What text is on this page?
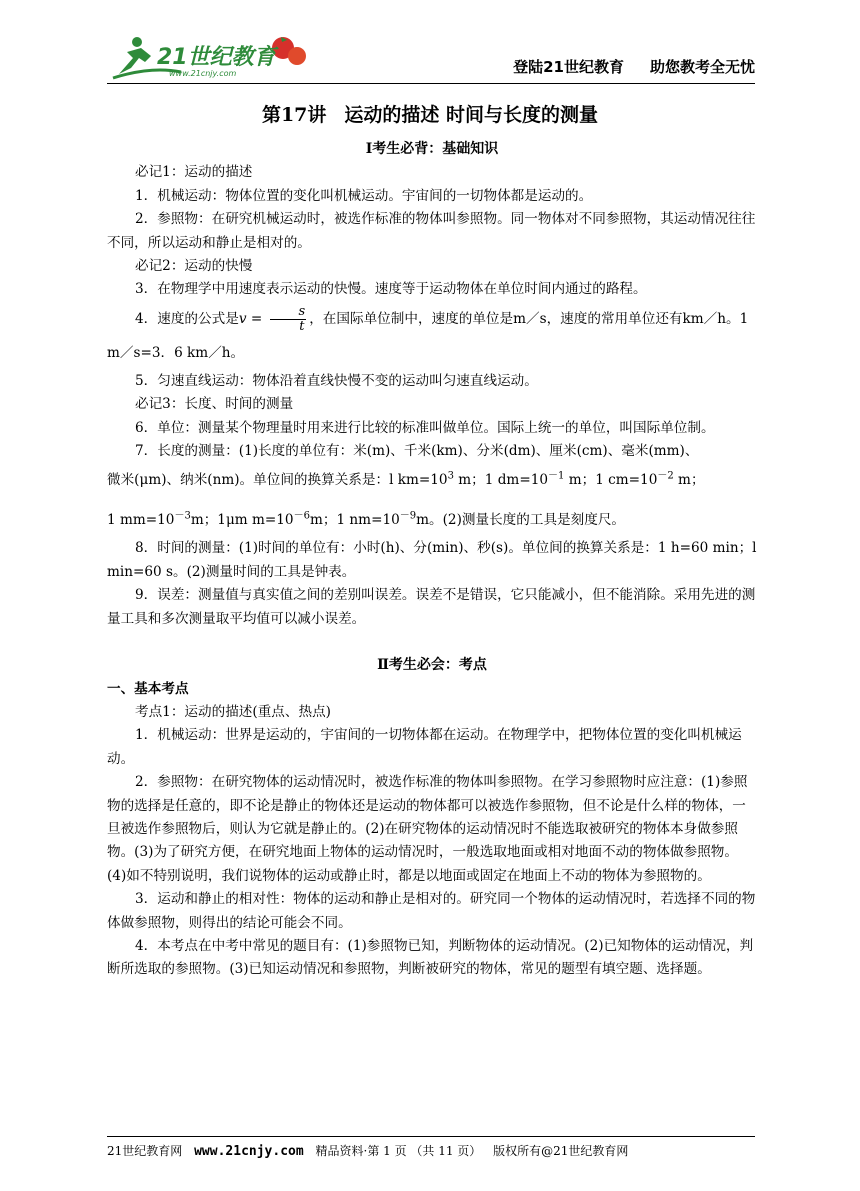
21世纪教育
www.21cnjy.com	登陆21世纪教育 助您教考全无忧
第17讲 运动的描述 时间与长度的测量

Ⅰ考生必背：基础知识

必记1：运动的描述

1．机械运动：物体位置的变化叫机械运动。宇宙间的一切物体都是运动的。

2．参照物：在研究机械运动时，被选作标准的物体叫参照物。同一物体对不同参照物，其运动情况往往不同，所以运动和静止是相对的。

必记2：运动的快慢

3．在物理学中用速度表示运动的快慢。速度等于运动物体在单位时间内通过的路程。

4．速度的公式是$v = \frac{s}{t}$ ，在国际单位制中，速度的单位是m／s，速度的常用单位还有km／h。1 m／s=3．6 km／h。

5．匀速直线运动：物体沿着直线快慢不变的运动叫匀速直线运动。

必记3：长度、时间的测量

6．单位：测量某个物理量时用来进行比较的标准叫做单位。国际上统一的单位，叫国际单位制。

7．长度的测量：(1)长度的单位有：米(m)、千米(km)、分米(dm)、厘米(cm)、毫米(mm)、

微米(μm)、纳米(nm)。单位间的换算关系是：l $km=10^3$ m；1 $dm=10^{-1}$ m；1 $cm=10^{-2}$ m；

1 $mm=10^{-3}m$；1μm $m=10^{-6}m$；1 $nm=10^{-9}m$。(2)测量长度的工具是刻度尺。

8．时间的测量：(1)时间的单位有：小时(h)、分(min)、秒(s)。单位间的换算关系是：1 h=60 min；l min=60 s。(2)测量时间的工具是钟表。

9．误差：测量值与真实值之间的差别叫误差。误差不是错误，它只能减小，但不能消除。采用先进的测量工具和多次测量取平均值可以减小误差。

Ⅱ考生必会：考点

一、基本考点

考点1：运动的描述(重点、热点)

1．机械运动：世界是运动的，宇宙间的一切物体都在运动。在物理学中，把物体位置的变化叫机械运动。

2．参照物：在研究物体的运动情况时，被选作标准的物体叫参照物。在学习参照物时应注意：(1)参照物的选择是任意的，即不论是静止的物体还是运动的物体都可以被选作参照物，但不论是什么样的物体，一旦被选作参照物后，则认为它就是静止的。(2)在研究物体的运动情况时不能选取被研究的物体本身做参照物。(3)为了研究方便，在研究地面上物体的运动情况时，一般选取地面或相对地面不动的物体做参照物。(4)如不特别说明，我们说物体的运动或静止时，都是以地面或固定在地面上不动的物体为参照物的。

3．运动和静止的相对性：物体的运动和静止是相对的。研究同一个物体的运动情况时，若选择不同的物体做参照物，则得出的结论可能会不同。

4．本考点在中考中常见的题目有：(1)参照物已知，判断物体的运动情况。(2)已知物体的运动情况，判断所选取的参照物。(3)已知运动情况和参照物，判断被研究的物体，常见的题型有填空题、选择题。

21世纪教育网 www.21cnjy.com 精品资料·第 1 页 （共 11 页） 版权所有@21世纪教育网
